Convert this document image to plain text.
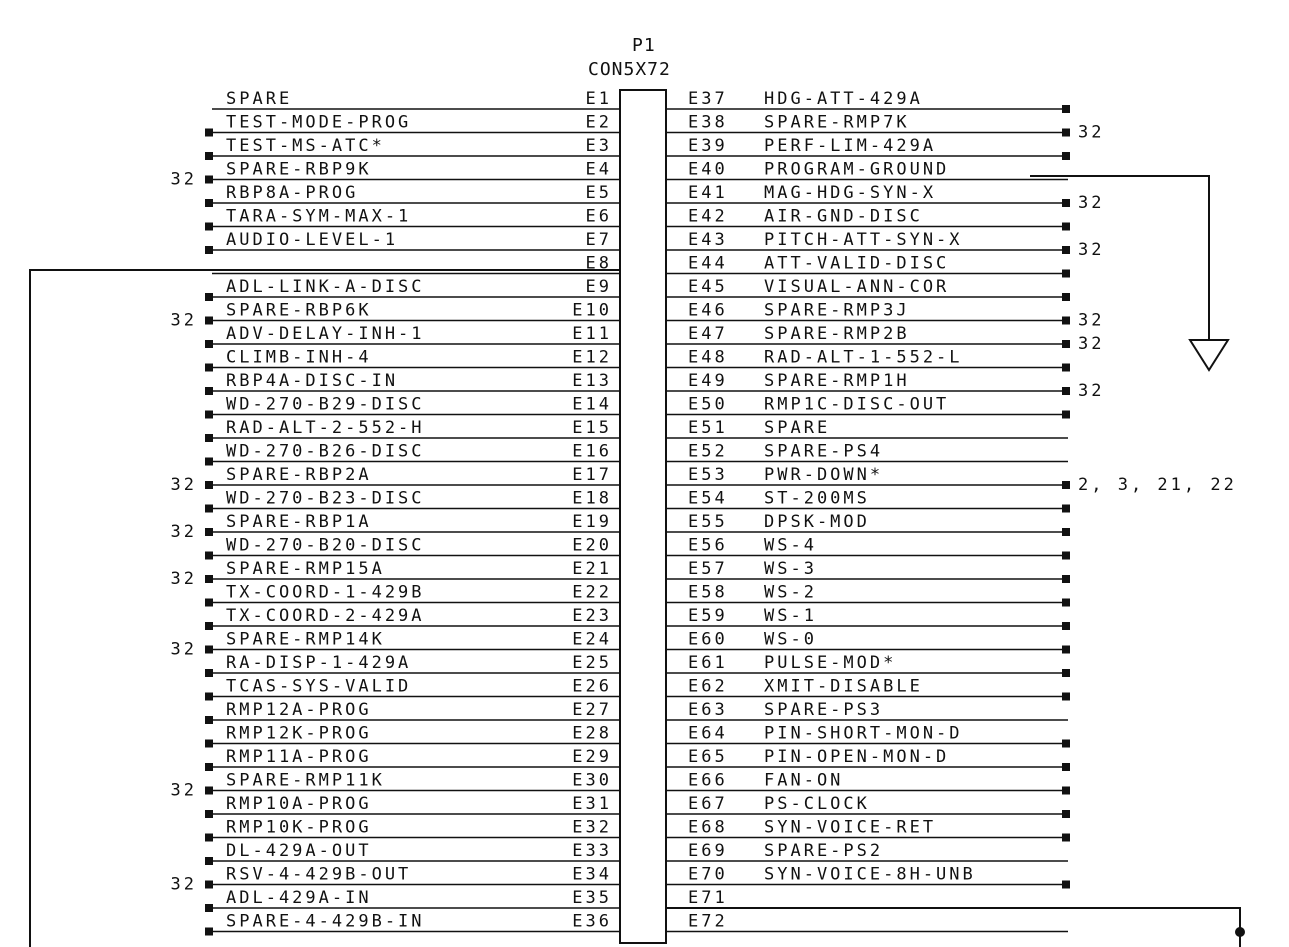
SPARE	E1
TEST-MODE-PROG	E2
TEST-MS-ATC*	E3
SPARE-RBP9K	E4
32
RBP8A-PROG	E5
TARA-SYM-MAX-1	E6
AUDIO-LEVEL-1	E7
E8
ADL-LINK-A-DISC	E9
SPARE-RBP6K	E10
32
ADV-DELAY-INH-1	E11
CLIMB-INH-4	E12
RBP4A-DISC-IN	E13
WD-270-B29-DISC	E14
RAD-ALT-2-552-H	E15
WD-270-B26-DISC	E16
SPARE-RBP2A	E17
32
WD-270-B23-DISC	E18
SPARE-RBP1A	E19
32
WD-270-B20-DISC	E20
SPARE-RMP15A	E21
32
TX-COORD-1-429B	E22
TX-COORD-2-429A	E23
SPARE-RMP14K	E24
32
RA-DISP-1-429A	E25
TCAS-SYS-VALID	E26
RMP12A-PROG	E27
RMP12K-PROG	E28
RMP11A-PROG	E29
SPARE-RMP11K	E30
32
RMP10A-PROG	E31
RMP10K-PROG	E32
DL-429A-OUT	E33
RSV-4-429B-OUT	E34
32
ADL-429A-IN	E35
SPARE-4-429B-IN	E36
E37 HDG-ATT-429A
E38 SPARE-RMP7K	32
E39 PERF-LIM-429A
E40 PROGRAM-GROUND
E41 MAG-HDG-SYN-X	32
E42 AIR-GND-DISC
E43 PITCH-ATT-SYN-X	32
E44 ATT-VALID-DISC
E45 VISUAL-ANN-COR
E46 SPARE-RMP3J	32
E47 SPARE-RMP2B	32
E48 RAD-ALT-1-552-L
E49 SPARE-RMP1H	32
E50 RMP1C-DISC-OUT
E51 SPARE
E52 SPARE-PS4
E53 PWR-DOWN*	2, 3, 21, 22
E54 ST-200MS
E55 DPSK-MOD
E56 WS-4
E57 WS-3
E58 WS-2
E59 WS-1
E60 WS-0
E61 PULSE-MOD*
E62 XMIT-DISABLE
E63 SPARE-PS3
E64 PIN-SHORT-MON-D
E65 PIN-OPEN-MON-D
E66 FAN-ON
E67 PS-CLOCK
E68 SYN-VOICE-RET
E69 SPARE-PS2
E70 SYN-VOICE-8H-UNB
E71
E72
P1
CON5X72
